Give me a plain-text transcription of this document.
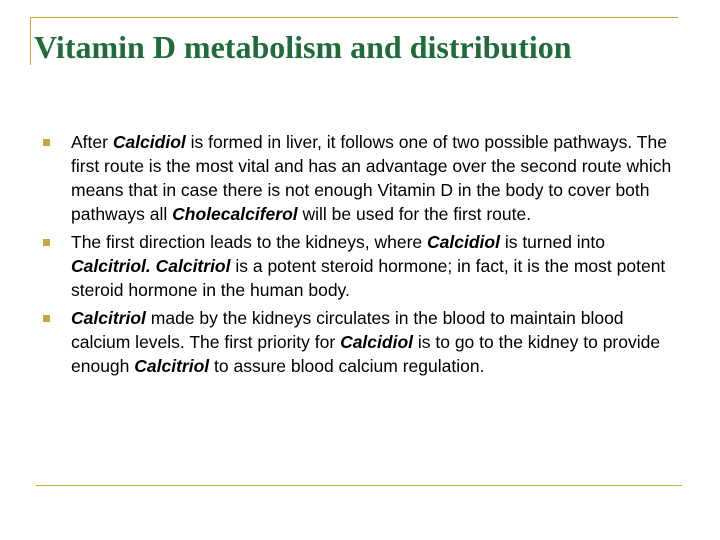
Vitamin D metabolism and distribution
After Calcidiol is formed in liver, it follows one of two possible pathways. The first route is the most vital and has an advantage over the second route which means that in case there is not enough Vitamin D in the body to cover both pathways all Cholecalciferol will be used for the first route.
The first direction leads to the kidneys, where Calcidiol is turned into Calcitriol. Calcitriol is a potent steroid hormone; in fact, it is the most potent steroid hormone in the human body.
Calcitriol made by the kidneys circulates in the blood to maintain blood calcium levels. The first priority for Calcidiol is to go to the kidney to provide enough Calcitriol to assure blood calcium regulation.
